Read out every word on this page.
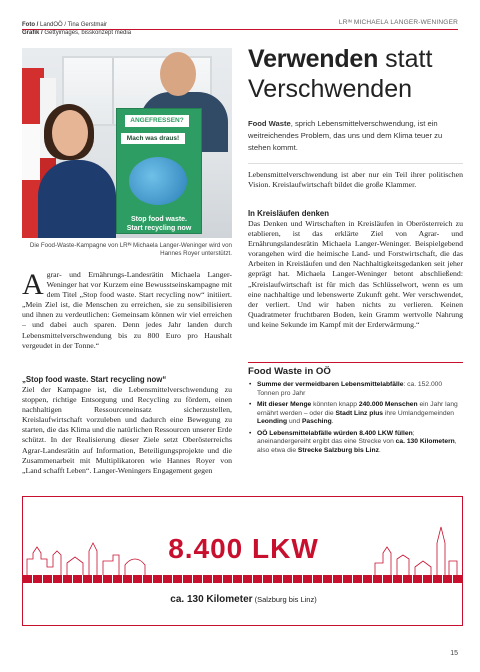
Foto / LandOÖ / Tina Gerstmair
Grafik / Gettyimages, bisskonzept media
LRᴵᴺ MICHAELA LANGER-WENINGER
ANGEFRESSEN?
Mach was draus!
Stop food waste.
Start recycling now
Die Food-Waste-Kampagne von LRᴵᴺ Michaela Langer-Weninger wird von Hannes Royer unterstützt.
Verwenden statt
Verschwenden
Food Waste, sprich Lebensmittelverschwendung, ist ein weitreichendes Problem, das uns und dem Klima teuer zu stehen kommt.
Lebensmittelverschwendung ist aber nur ein Teil ihrer politischen Vision. Kreislaufwirtschaft bildet die große Klammer.
In Kreisläufen denken
Das Denken und Wirtschaften in Kreisläufen in Oberösterreich zu etablieren, ist das erklärte Ziel von Agrar- und Ernährungslandesrätin Michaela Langer-Weninger. Beispielgebend vorangehen wird die heimische Land- und Forstwirtschaft, die das Arbeiten in Kreisläufen und den Nachhaltigkeitsgedanken seit jeher geprägt hat. Michaela Langer-Weninger betont abschließend: „Kreislaufwirtschaft ist für mich das Schlüsselwort, wenn es um eine nachhaltige und lebenswerte Zukunft geht. Wer verschwendet, der verliert. Und wir haben nichts zu verlieren. Keinen Quadratmeter fruchtbaren Boden, kein Gramm wertvolle Nahrung und keine Sekunde im Kampf mit der Erderwärmung.“
Agrar- und Ernährungs-Landesrätin Michaela Langer-Weninger hat vor Kurzem eine Bewusstseinskampagne mit dem Titel „Stop food waste. Start recycling now“ initiiert. „Mein Ziel ist, die Menschen zu erreichen, sie zu sensibilisieren und ihnen zu verdeutlichen: Gemeinsam können wir viel erreichen – und dabei auch sparen. Denn jedes Jahr landen durch Lebensmittelverschwendung bis zu 800 Euro pro Haushalt vergeudet in der Tonne.“
„Stop food waste. Start recycling now“
Ziel der Kampagne ist, die Lebensmittelverschwendung zu stoppen, richtige Entsorgung und Recycling zu fördern, einen nachhaltigen Ressourceneinsatz sicherzustellen, Kreislaufwirtschaft vorzuleben und dadurch eine Bewegung zu starten, die das Klima und die natürlichen Ressourcen unserer Erde schützt. In der Realisierung dieser Ziele setzt Oberösterreichs Agrar-Landesrätin auf Information, Beteiligungsprojekte und die Zusammenarbeit mit Multiplikatoren wie Hannes Royer von „Land schafft Leben“. Langer-Weningers Engagement gegen
Food Waste in OÖ
• Summe der vermeidbaren Lebensmittelabfälle: ca. 152.000 Tonnen pro Jahr
• Mit dieser Menge könnten knapp 240.000 Menschen ein Jahr lang ernährt werden – oder die Stadt Linz plus ihre Umlandgemeinden Leonding und Pasching.
• OÖ Lebensmittelabfälle würden 8.400 LKW füllen; aneinandergereiht ergibt das eine Strecke von ca. 130 Kilometern, also etwa die Strecke Salzburg bis Linz.
8.400 LKW
ca. 130 Kilometer (Salzburg bis Linz)
15
